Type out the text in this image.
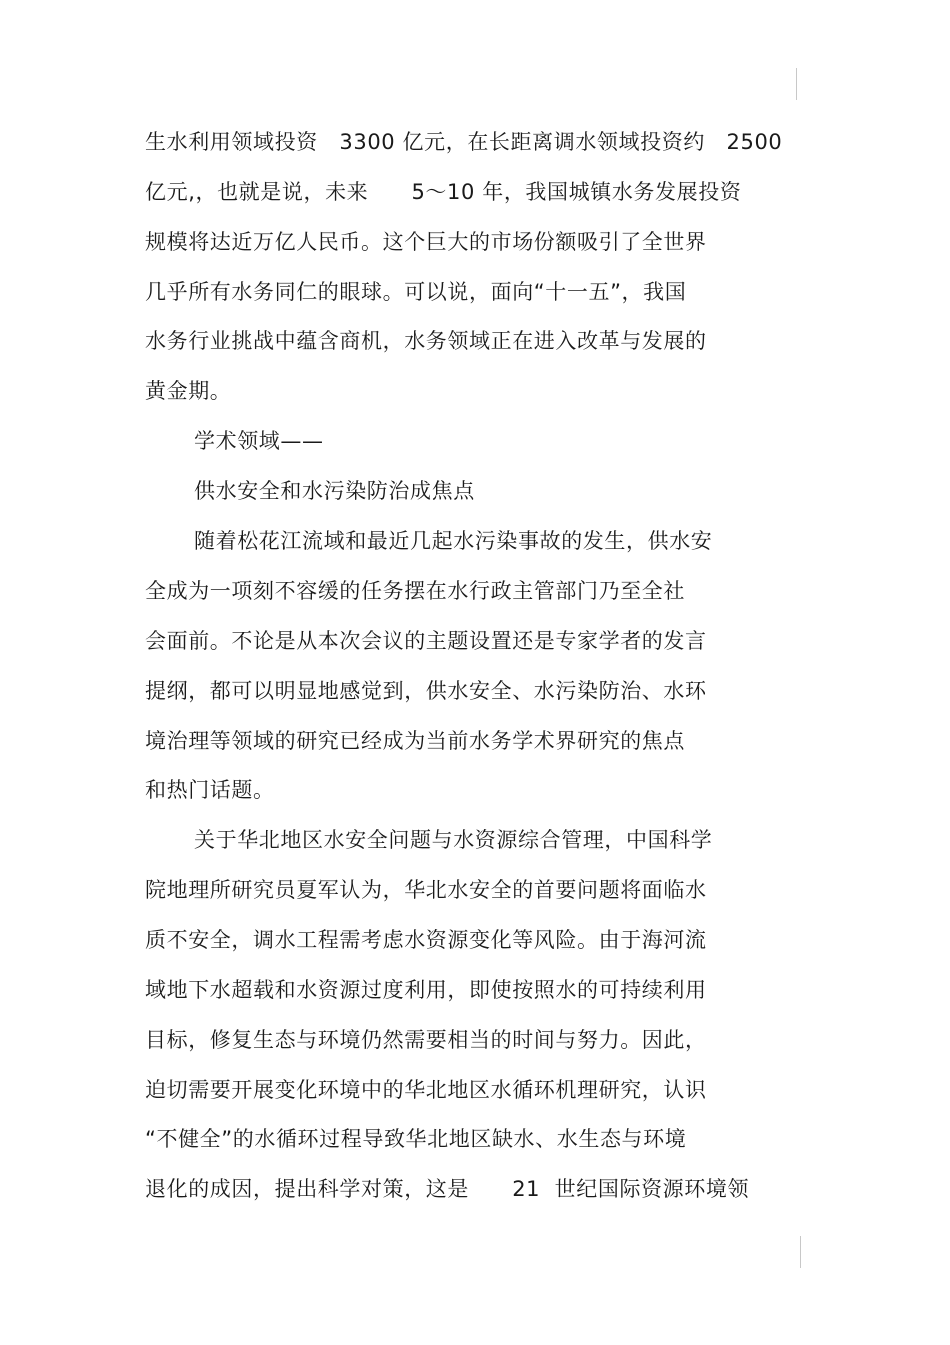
生水利用领域投资　3300 亿元，在长距离调水领域投资约　2500
亿元,，也就是说，未来　　5～10 年，我国城镇水务发展投资
规模将达近万亿人民币。这个巨大的市场份额吸引了全世界
几乎所有水务同仁的眼球。可以说，面向“十一五”，我国
水务行业挑战中蕴含商机，水务领域正在进入改革与发展的
黄金期。
学术领域——
供水安全和水污染防治成焦点
随着松花江流域和最近几起水污染事故的发生，供水安
全成为一项刻不容缓的任务摆在水行政主管部门乃至全社
会面前。不论是从本次会议的主题设置还是专家学者的发言
提纲，都可以明显地感觉到，供水安全、水污染防治、水环
境治理等领域的研究已经成为当前水务学术界研究的焦点
和热门话题。
关于华北地区水安全问题与水资源综合管理，中国科学
院地理所研究员夏军认为，华北水安全的首要问题将面临水
质不安全，调水工程需考虑水资源变化等风险。由于海河流
域地下水超载和水资源过度利用，即使按照水的可持续利用
目标，修复生态与环境仍然需要相当的时间与努力。因此，
迫切需要开展变化环境中的华北地区水循环机理研究，认识
“不健全”的水循环过程导致华北地区缺水、水生态与环境
退化的成因，提出科学对策，这是　　21  世纪国际资源环境领
